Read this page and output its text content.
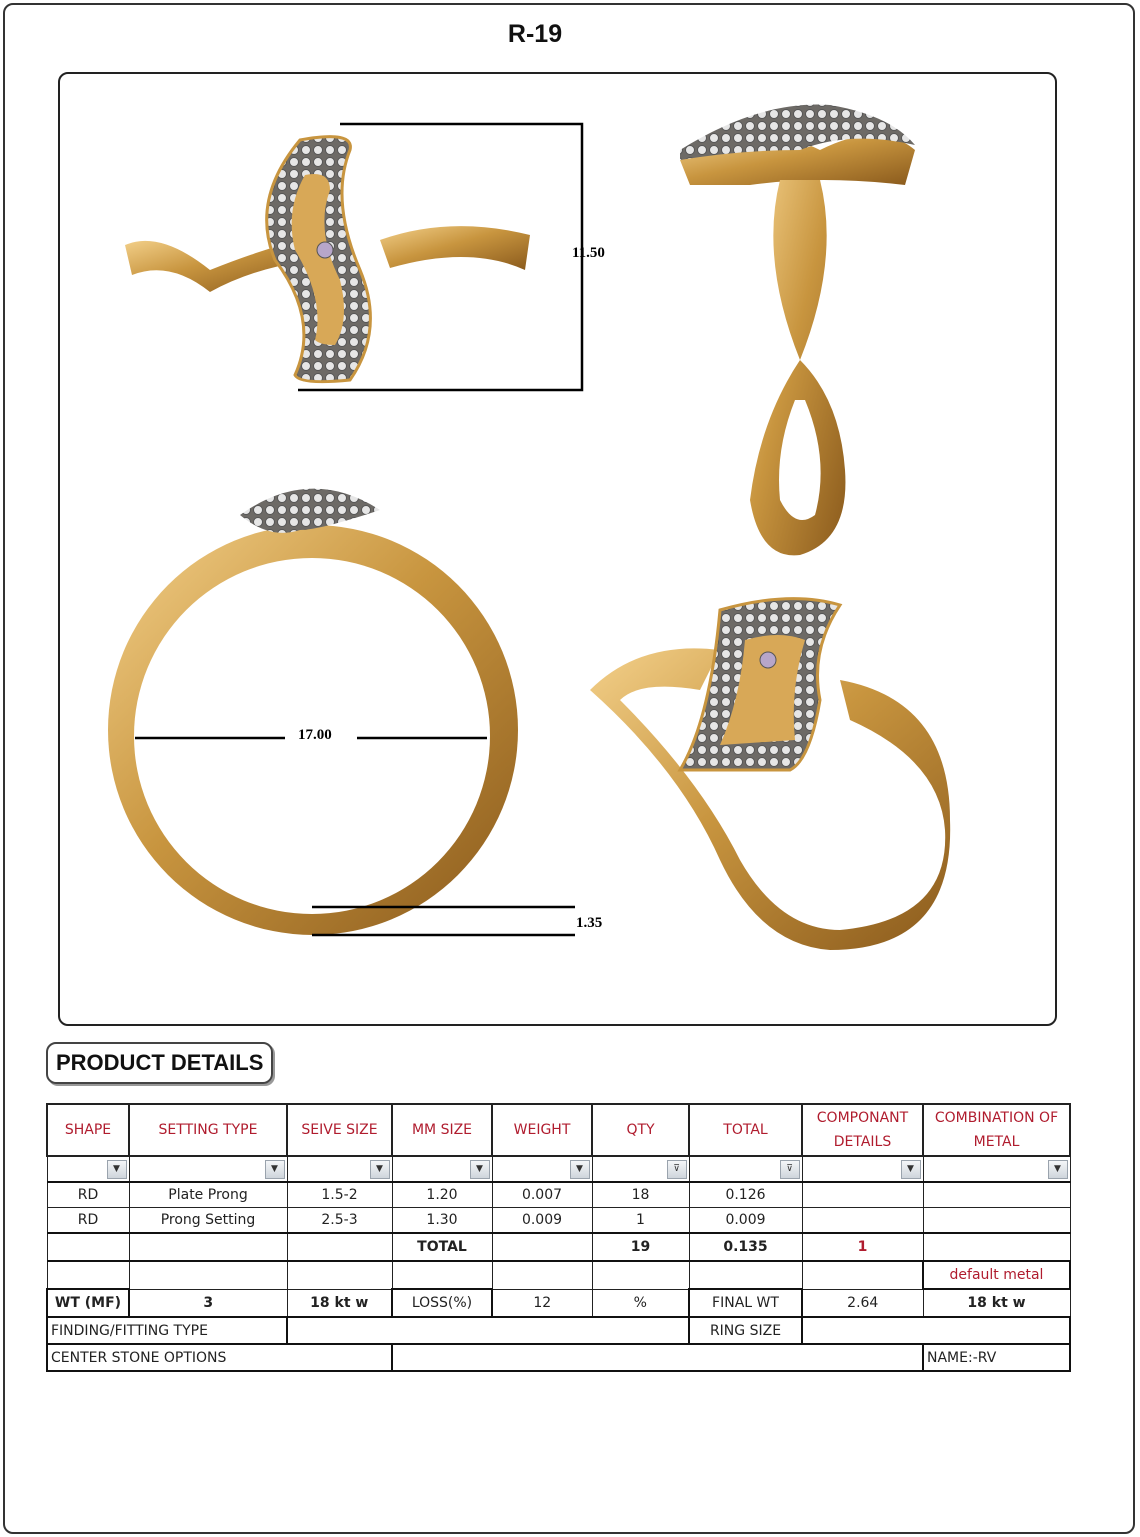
R-19
11.50
17.00
1.35
PRODUCT DETAILS
SHAPE	SETTING TYPE	SEIVE SIZE	MM SIZE	WEIGHT	QTY	TOTAL	COMPONANT DETAILS	COMBINATION OF METAL

▼	▼	▼	▼	▼	⊽	⊽	▼	▼

RD	Plate Prong	1.5-2	1.20	0.007	18	0.126		
RD	Prong Setting	2.5-3	1.30	0.009	1	0.009		
			TOTAL		19	0.135	1	
								default metal
WT (MF)	3	18 kt w	LOSS(%)	12	%	FINAL WT	2.64	18 kt w
FINDING/FITTING TYPE						RING SIZE		
CENTER STONE OPTIONS								NAME:-RV
